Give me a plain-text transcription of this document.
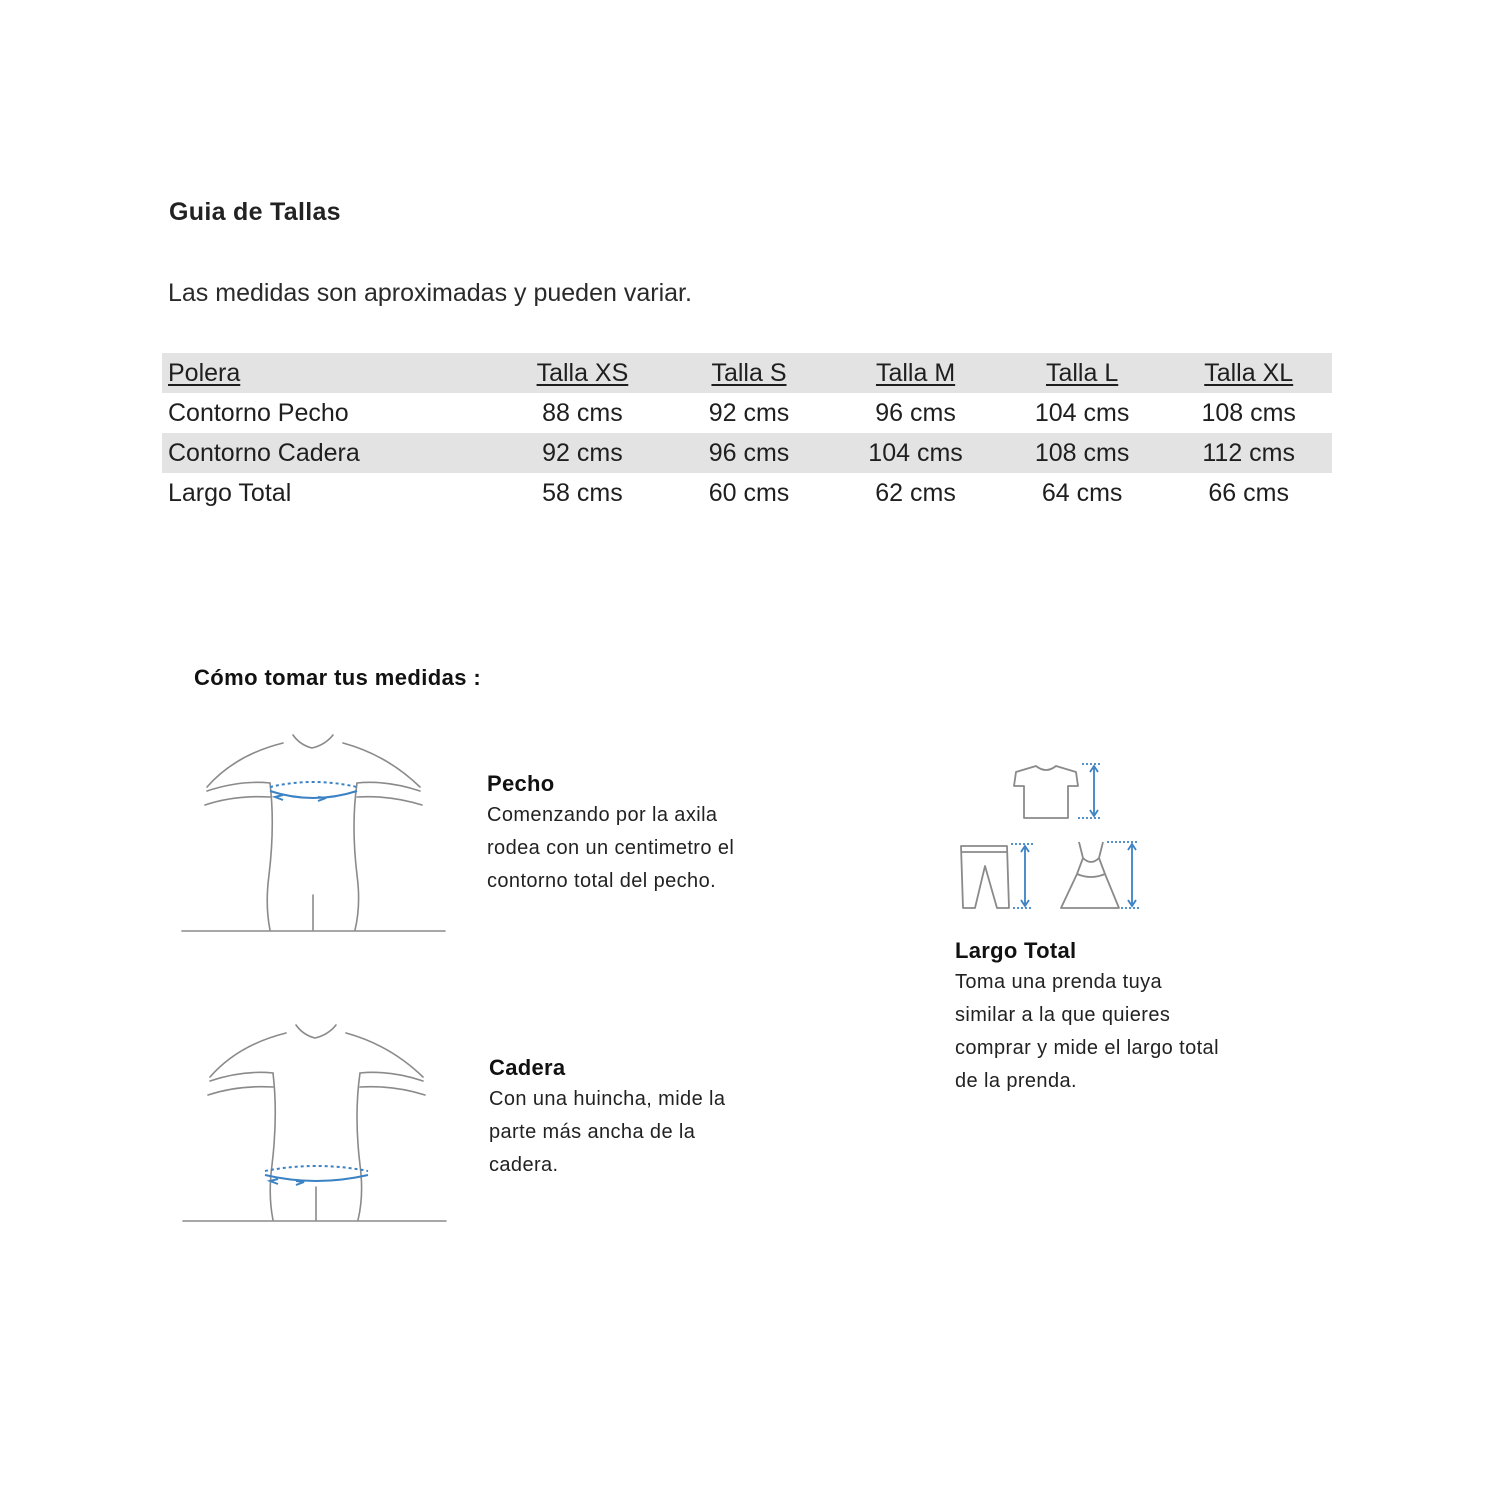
Guia de Tallas
Las medidas son aproximadas y pueden variar.
Polera	Talla XS	Talla S	Talla M	Talla L	Talla XL
Contorno Pecho	88 cms	92 cms	96 cms	104 cms	108 cms
Contorno Cadera	92 cms	96 cms	104 cms	108 cms	112 cms
Largo Total	58 cms	60 cms	62 cms	64 cms	66 cms
Cómo tomar tus medidas :
Pecho
Comenzando por la axila
rodea con un centimetro el
contorno total del pecho.
Cadera
Con una huincha, mide la
parte más ancha de la
cadera.
Largo Total
Toma una prenda tuya
similar a la que quieres
comprar y mide el largo total
de la prenda.
